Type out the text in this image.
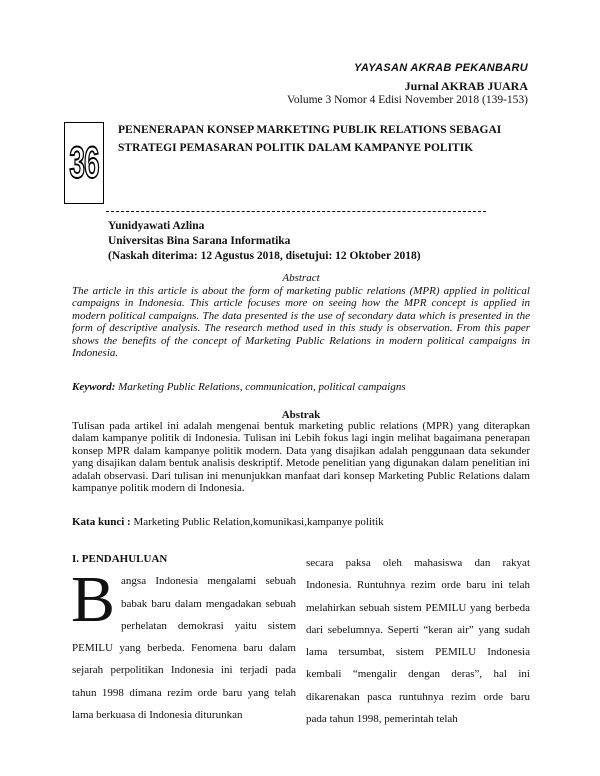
YAYASAN AKRAB PEKANBARU
Jurnal AKRAB JUARA
Volume 3 Nomor 4 Edisi November 2018 (139-153)
36
PENENERAPAN KONSEP MARKETING PUBLIK RELATIONS SEBAGAI STRATEGI PEMASARAN POLITIK DALAM KAMPANYE POLITIK
Yunidyawati Azlina
Universitas Bina Sarana Informatika
(Naskah diterima: 12 Agustus 2018, disetujui: 12 Oktober 2018)
Abstract
The article in this article is about the form of marketing public relations (MPR) applied in political campaigns in Indonesia. This article focuses more on seeing how the MPR concept is applied in modern political campaigns. The data presented is the use of secondary data which is presented in the form of descriptive analysis. The research method used in this study is observation. From this paper shows the benefits of the concept of Marketing Public Relations in modern political campaigns in Indonesia.
Keyword: Marketing Public Relations, communication, political campaigns
Abstrak
Tulisan pada artikel ini adalah mengenai bentuk marketing public relations (MPR) yang diterapkan dalam kampanye politik di Indonesia. Tulisan ini Lebih fokus lagi ingin melihat bagaimana penerapan konsep MPR dalam kampanye politik modern. Data yang disajikan adalah penggunaan data sekunder yang disajikan dalam bentuk analisis deskriptif. Metode penelitian yang digunakan dalam penelitian ini adalah observasi. Dari tulisan ini menunjukkan manfaat dari konsep Marketing Public Relations dalam kampanye politik modern di Indonesia.
Kata kunci : Marketing Public Relation,komunikasi,kampanye politik
I. PENDAHULUAN

Bangsa Indonesia mengalami sebuah babak baru dalam mengadakan sebuah perhelatan demokrasi yaitu sistem PEMILU yang berbeda. Fenomena baru dalam sejarah perpolitikan Indonesia ini terjadi pada tahun 1998 dimana rezim orde baru yang telah lama berkuasa di Indonesia diturunkan

secara paksa oleh mahasiswa dan rakyat Indonesia. Runtuhnya rezim orde baru ini telah melahirkan sebuah sistem PEMILU yang berbeda dari sebelumnya. Seperti “keran air” yang sudah lama tersumbat, sistem PEMILU Indonesia kembali “mengalir dengan deras”, hal ini dikarenakan pasca runtuhnya rezim orde baru pada tahun 1998, pemerintah telah
